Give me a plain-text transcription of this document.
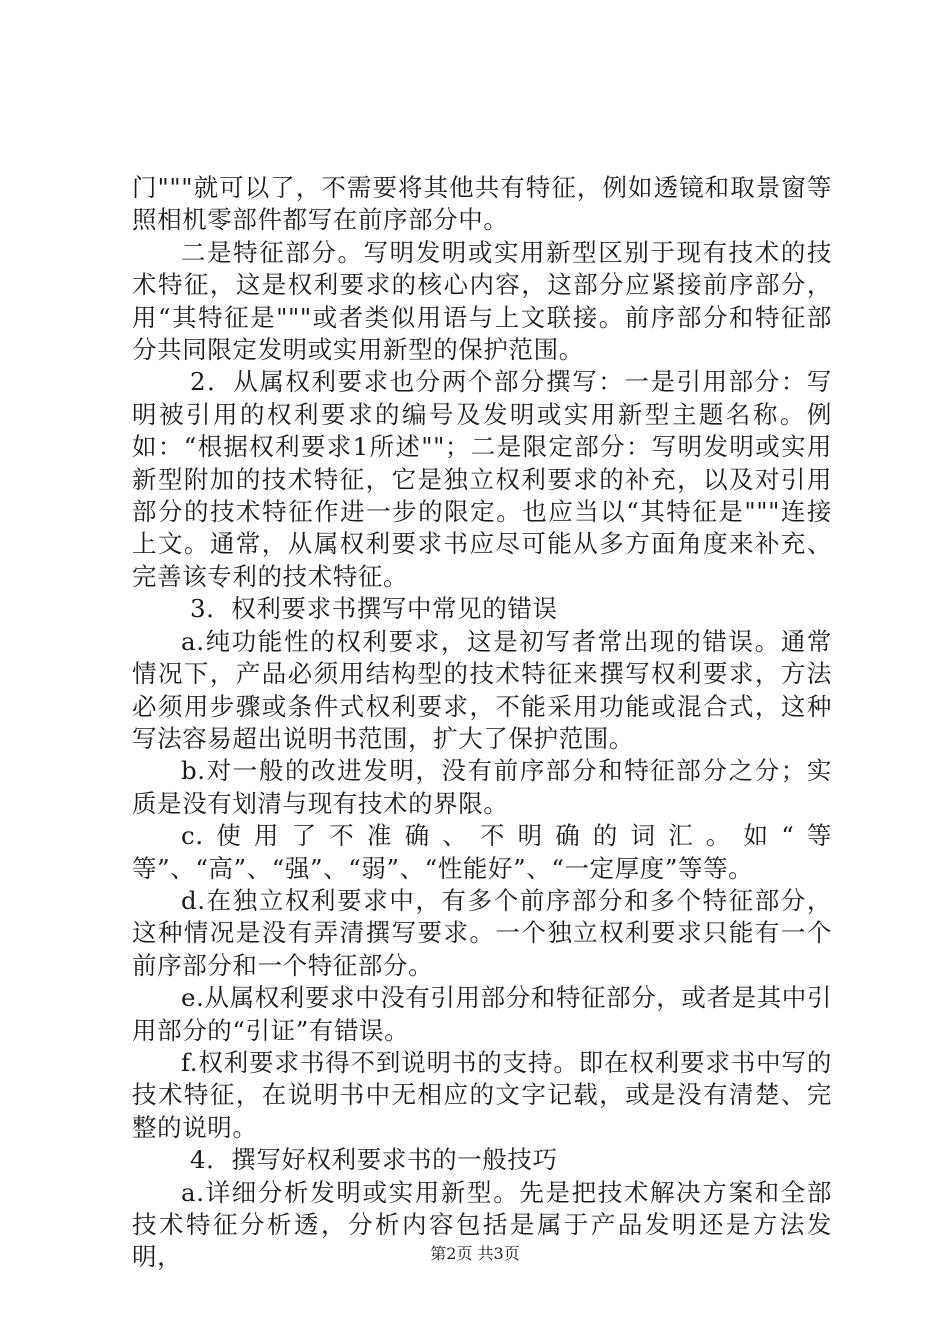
门"""就可以了，不需要将其他共有特征，例如透镜和取景窗等照相机零部件都写在前序部分中。

二是特征部分。写明发明或实用新型区别于现有技术的技术特征，这是权利要求的核心内容，这部分应紧接前序部分，用“其特征是"""或者类似用语与上文联接。前序部分和特征部分共同限定发明或实用新型的保护范围。

2．从属权利要求也分两个部分撰写：一是引用部分：写明被引用的权利要求的编号及发明或实用新型主题名称。例如：“根据权利要求1所述""；二是限定部分：写明发明或实用新型附加的技术特征，它是独立权利要求的补充，以及对引用部分的技术特征作进一步的限定。也应当以“其特征是"""连接上文。通常，从属权利要求书应尽可能从多方面角度来补充、完善该专利的技术特征。

3．权利要求书撰写中常见的错误

a.纯功能性的权利要求，这是初写者常出现的错误。通常情况下，产品必须用结构型的技术特征来撰写权利要求，方法必须用步骤或条件式权利要求，不能采用功能或混合式，这种写法容易超出说明书范围，扩大了保护范围。

b.对一般的改进发明，没有前序部分和特征部分之分；实质是没有划清与现有技术的界限。

c.使用了不准确、不明确的词汇。如“等等”、“高”、“强”、“弱”、“性能好”、“一定厚度”等等。

d.在独立权利要求中，有多个前序部分和多个特征部分，这种情况是没有弄清撰写要求。一个独立权利要求只能有一个前序部分和一个特征部分。

e.从属权利要求中没有引用部分和特征部分，或者是其中引用部分的“引证”有错误。

f.权利要求书得不到说明书的支持。即在权利要求书中写的技术特征，在说明书中无相应的文字记载，或是没有清楚、完整的说明。

4．撰写好权利要求书的一般技巧

a.详细分析发明或实用新型。先是把技术解决方案和全部技术特征分析透，分析内容包括是属于产品发明还是方法发明，	第2页 共3页
